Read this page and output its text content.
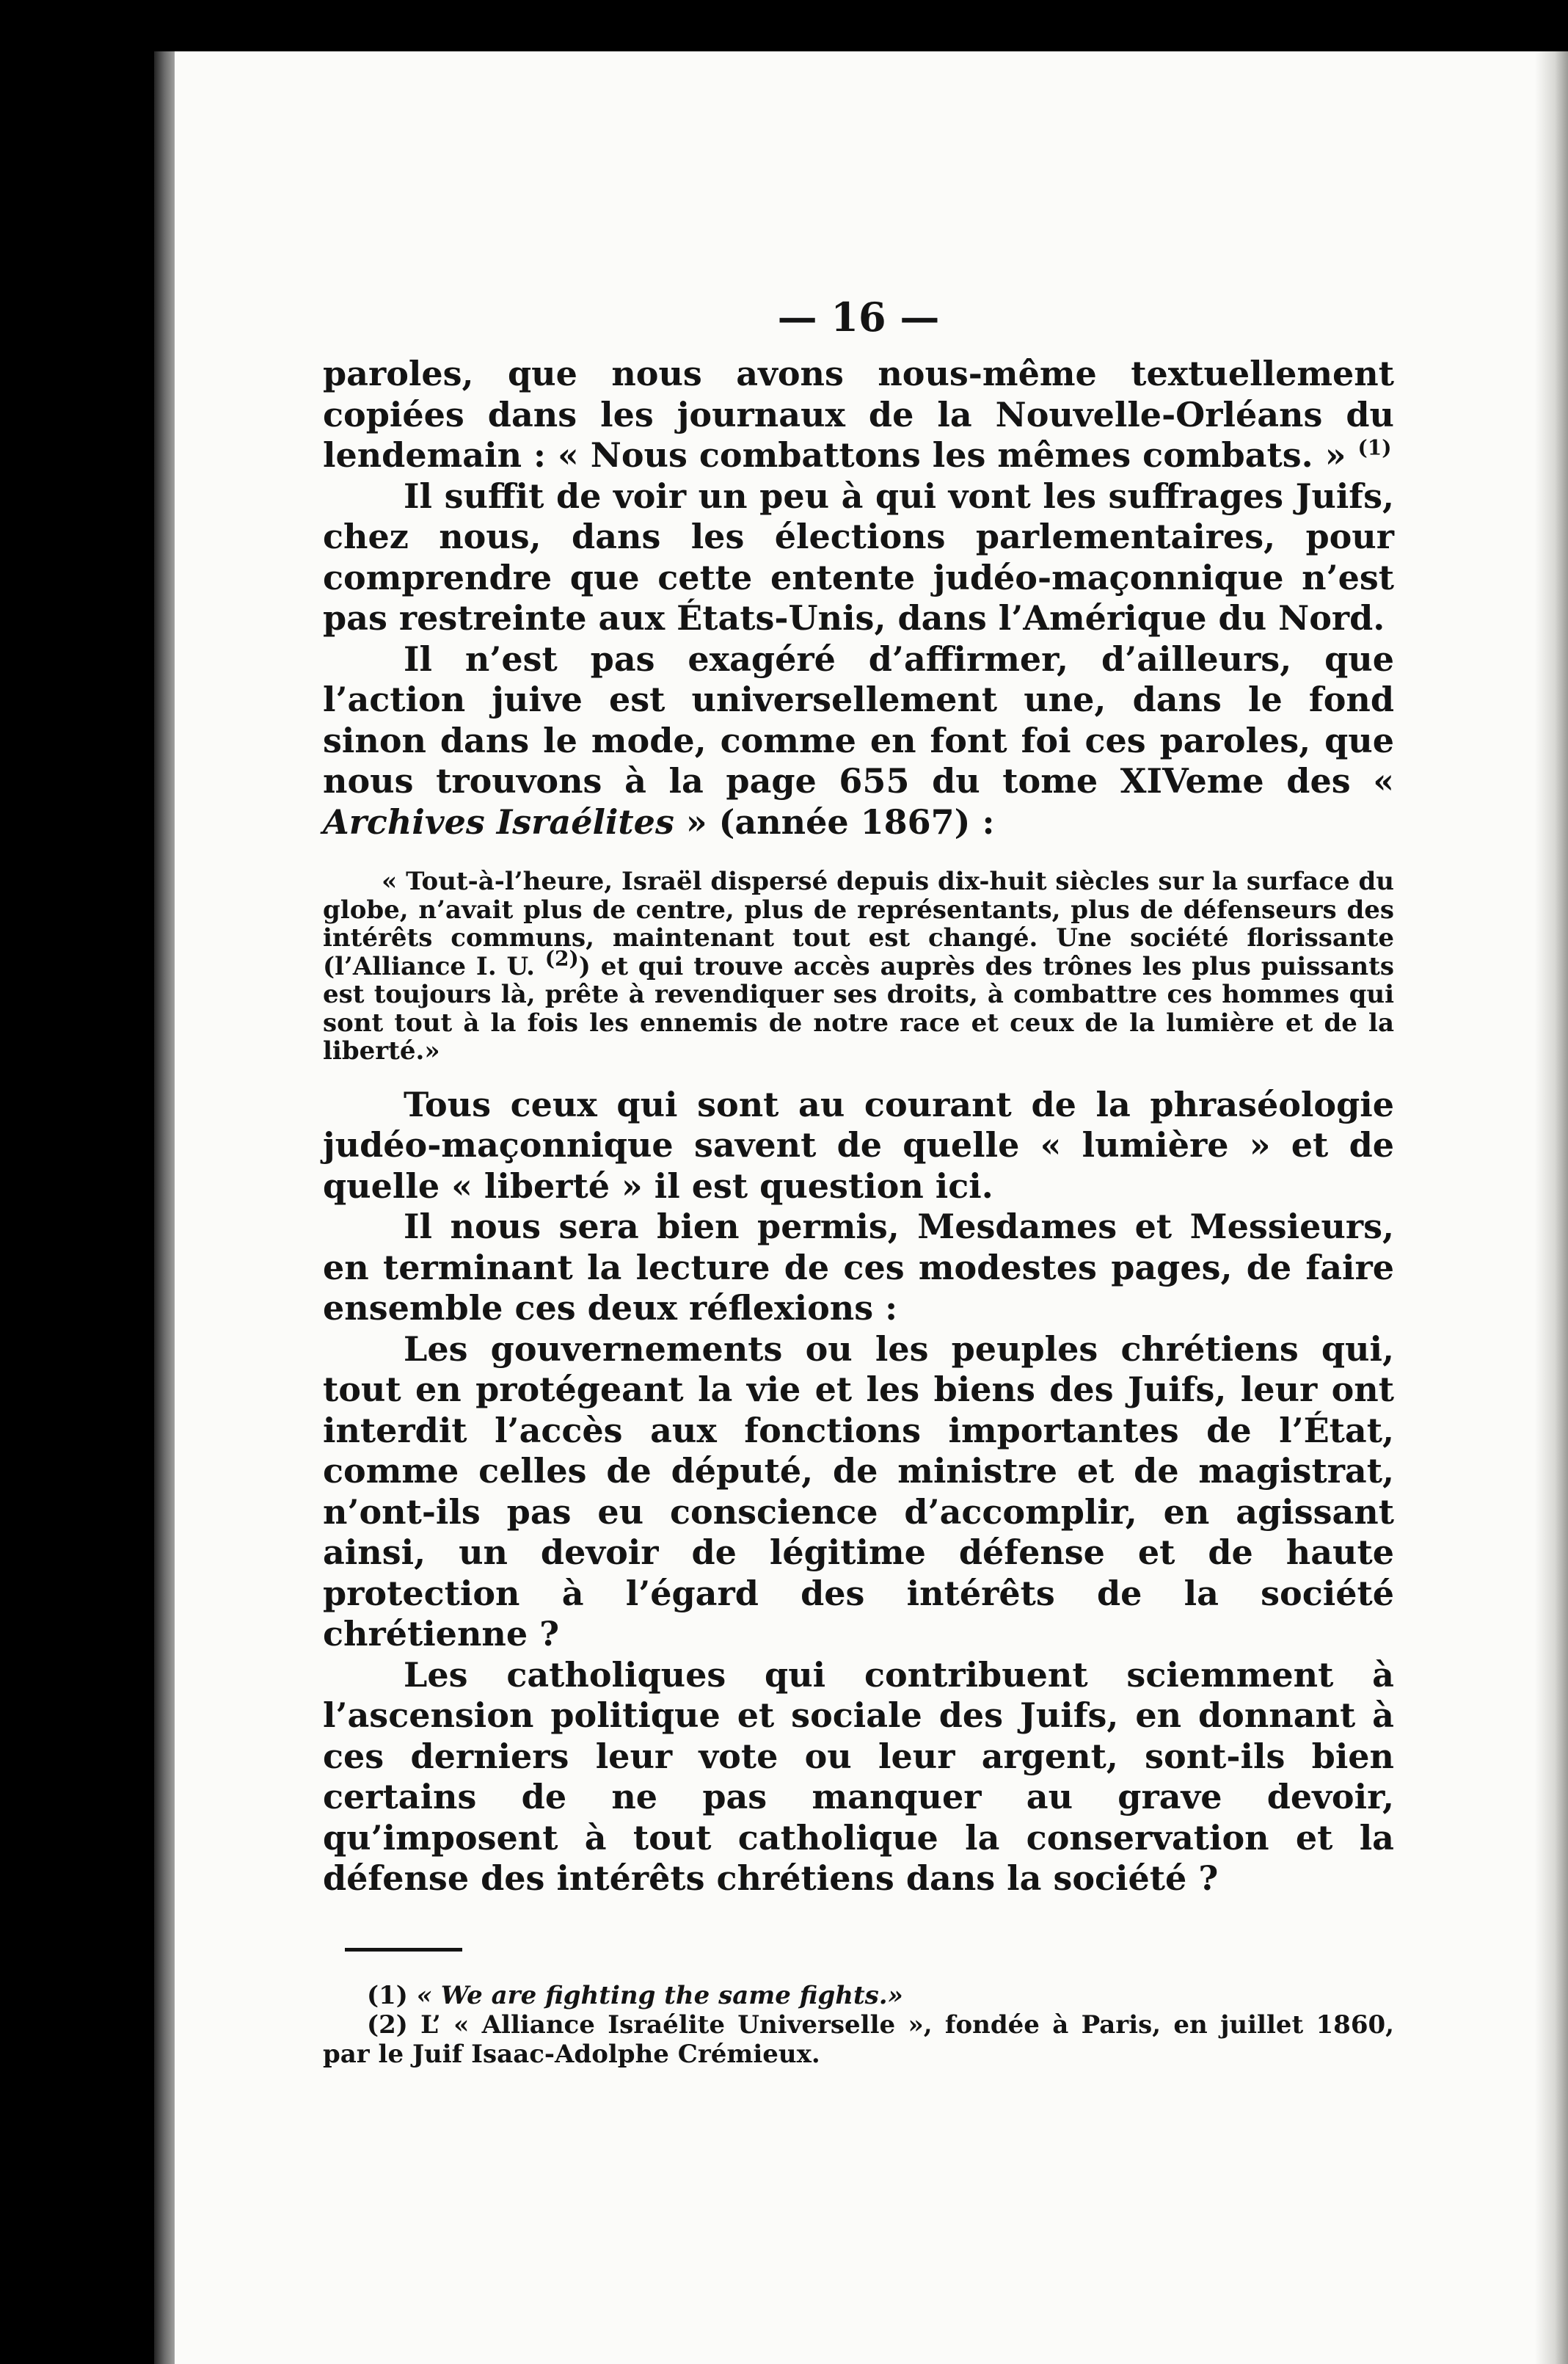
— 16 —

paroles, que nous avons nous-même textuellement copiées dans les journaux de la Nouvelle-Orléans du lendemain : « Nous combattons les mêmes combats. » $^{(1)}$

Il suffit de voir un peu à qui vont les suffrages Juifs, chez nous, dans les élections parlementaires, pour comprendre que cette entente judéo-maçonnique n’est pas restreinte aux États-Unis, dans l’Amérique du Nord.

Il n’est pas exagéré d’affirmer, d’ailleurs, que l’action juive est universellement une, dans le fond sinon dans le mode, comme en font foi ces paroles, que nous trouvons à la page 655 du tome XIVeme des « Archives Israélites » (année 1867) :

« Tout-à-l’heure, Israël dispersé depuis dix-huit siècles sur la surface du globe, n’avait plus de centre, plus de représentants, plus de défenseurs des intérêts communs, maintenant tout est changé. Une société florissante (l’Alliance I. U. $^{(2)}$) et qui trouve accès auprès des trônes les plus puissants est toujours là, prête à revendiquer ses droits, à combattre ces hommes qui sont tout à la fois les ennemis de notre race et ceux de la lumière et de la liberté.»

Tous ceux qui sont au courant de la phraséologie judéo-maçonnique savent de quelle « lumière » et de quelle « liberté » il est question ici.

Il nous sera bien permis, Mesdames et Messieurs, en terminant la lecture de ces modestes pages, de faire ensemble ces deux réflexions :

Les gouvernements ou les peuples chrétiens qui, tout en protégeant la vie et les biens des Juifs, leur ont interdit l’accès aux fonctions importantes de l’État, comme celles de député, de ministre et de magistrat, n’ont-ils pas eu conscience d’accomplir, en agissant ainsi, un devoir de légitime défense et de haute protection à l’égard des intérêts de la société chrétienne ?

Les catholiques qui contribuent sciemment à l’ascension politique et sociale des Juifs, en donnant à ces derniers leur vote ou leur argent, sont-ils bien certains de ne pas manquer au grave devoir, qu’imposent à tout catholique la conservation et la défense des intérêts chrétiens dans la société ?

(1) « We are fighting the same fights.»

(2) L’ « Alliance Israélite Universelle », fondée à Paris, en juillet 1860, par le Juif Isaac-Adolphe Crémieux.
